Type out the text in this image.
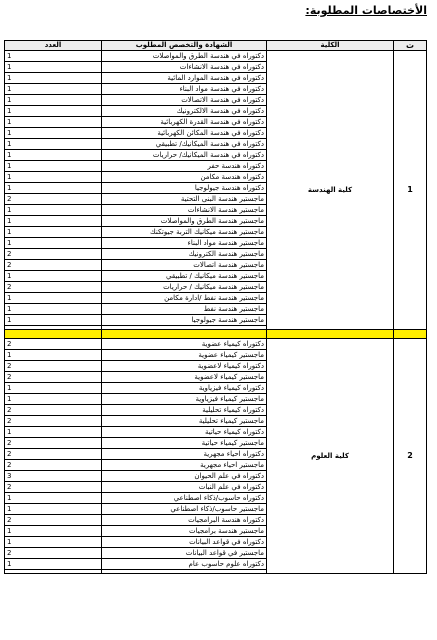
الأختصاصات المطلوبة:
ت	الكلية	الشهادة والتخصص المطلوب	العدد
1	كلية الهندسة	دكتوراه في هندسة الطرق والمواصلات	1
		دكتوراه في هندسة الانشاءات	1
		دكتوراه في هندسة الموارد المائية	1
		دكتوراه في هندسة مواد البناء	1
		دكتوراه في هندسة الاتصالات	1
		دكتوراه في هندسة الالكترونيك	1
		دكتوراه في هندسة القدرة الكهربائية	1
		دكتوراه في هندسة المكائن الكهربائية	1
		دكتوراه في هندسة الميكانيك/ تطبيقي	1
		دكتوراه في هندسة الميكانيك/ حراريات	1
		دكتوراه هندسة حفر	1
		دكتوراه هندسة مكامن	1
		دكتوراه هندسة جيولوجيا	1
		ماجستير هندسة البنى التحتية	2
		ماجستير هندسة الانشاءات	1
		ماجستير هندسة الطرق والمواصلات	1
		ماجستير هندسة ميكانيك التربة جيوتكنك	1
		ماجستير هندسة مواد البناء	1
		ماجستير هندسة الكترونيك	2
		ماجستير هندسة اتصالات	2
		ماجستير هندسة ميكانيك / تطبيقي	1
		ماجستير هندسة ميكانيك / حراريات	2
		ماجستير هندسة نفط /ادارة مكامن	1
		ماجستير هندسة نفط	1
		ماجستير هندسة جيولوجيا	1

2	كلية العلوم	دكتوراه كيمياء عضوية	2
		ماجستير كيمياء عضوية	1
		دكتوراه كيمياء لاعضوية	2
		ماجستير كيمياء لاعضوية	2
		دكتوراه كيمياء فيزياوية	1
		ماجستير كيمياء فيزياوية	1
		دكتوراه كيمياء تحليلية	2
		ماجستير كيمياء تحليلية	2
		دكتوراه كيمياء حياتية	1
		ماجستير كيمياء حياتية	2
		دكتوراه احياء مجهرية	2
		ماجستير احياء مجهرية	2
		دكتوراه في علم الحيوان	3
		دكتوراه في علم النبات	2
		دكتوراه حاسوب/ذكاء اصطناعي	1
		ماجستير حاسوب/ذكاء اصطناعي	1
		دكتوراه هندسة البرامجيات	2
		ماجستير هندسة برامجيات	1
		دكتوراه في قواعد البيانات	1
		ماجستير في قواعد البيانات	2
		دكتوراه علوم حاسوب عام	1
